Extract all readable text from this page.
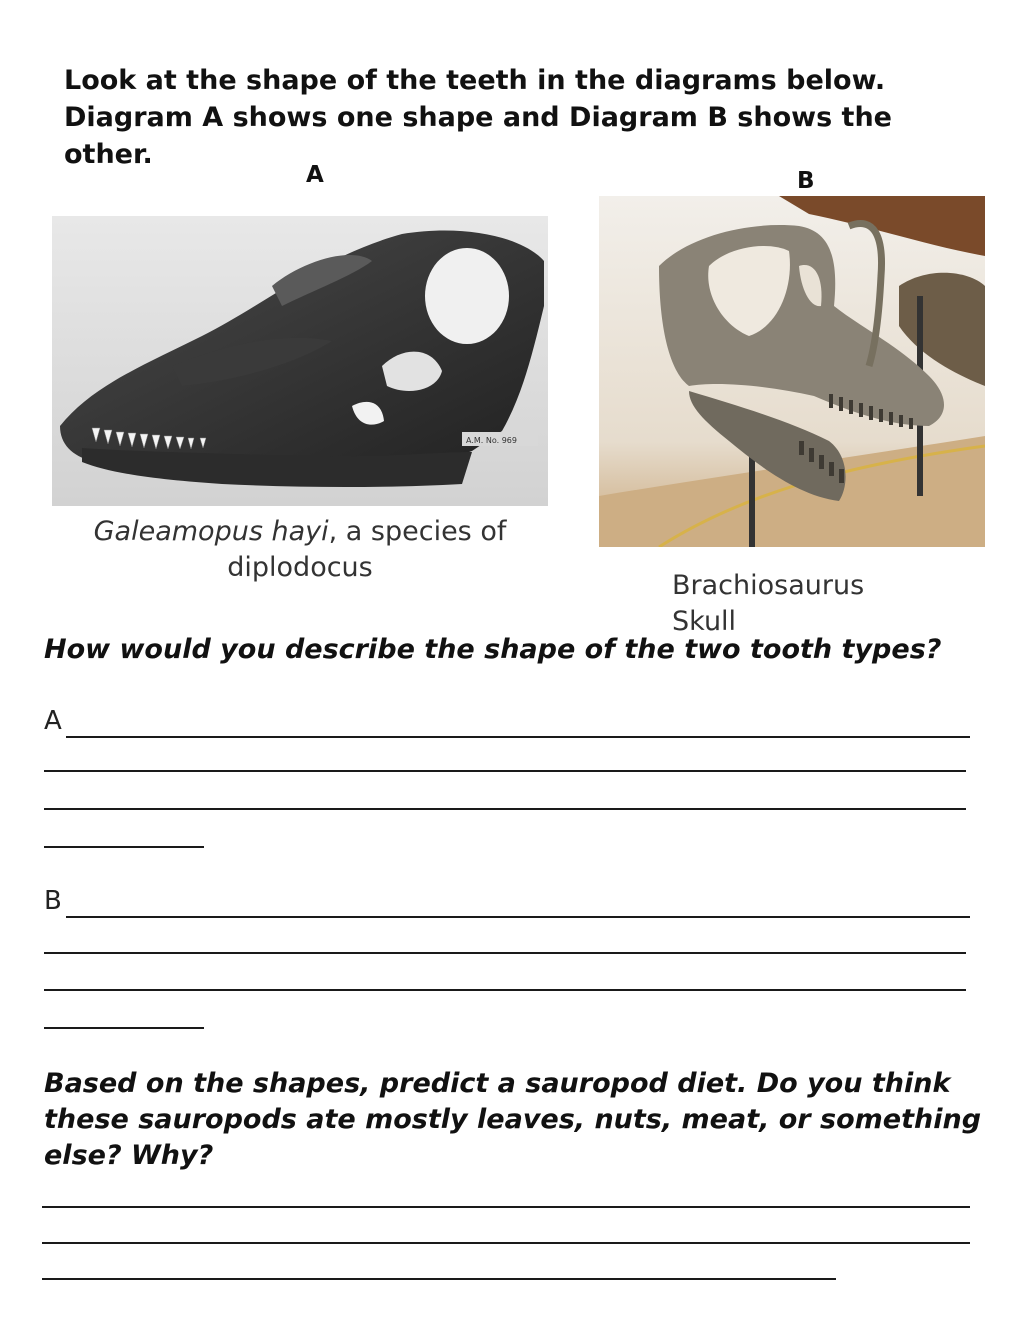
Look at the shape of the teeth in the diagrams below. Diagram A shows one shape and Diagram B shows the other.
A
A.M. No. 969
Galeamopus hayi, a species of diplodocus
B
Brachiosaurus Skull
How would you describe the shape of the two tooth types?
A
B
Based on the shapes, predict a sauropod diet. Do you think these sauropods ate mostly leaves, nuts, meat, or something else? Why?
